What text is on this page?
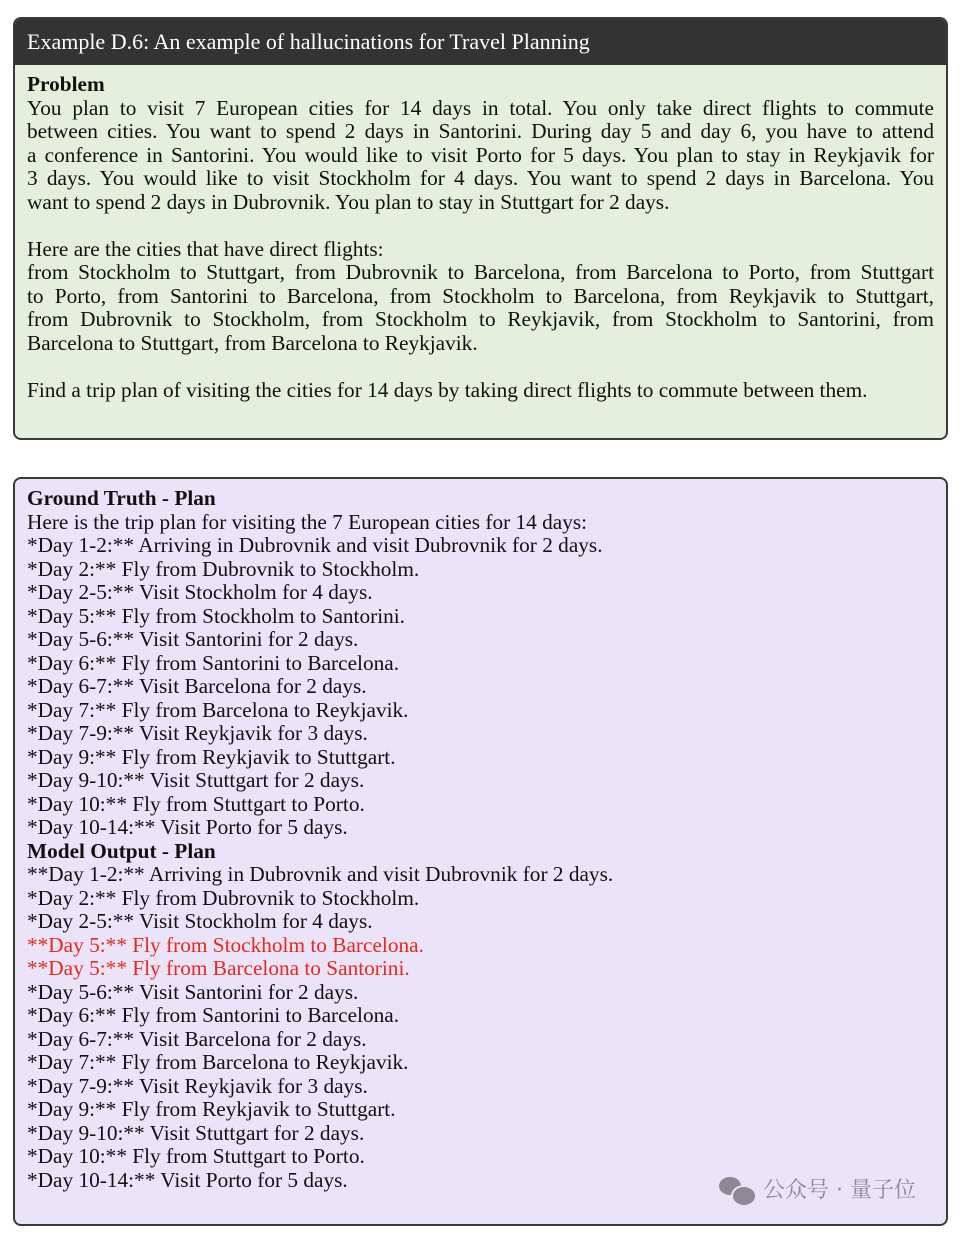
Example D.6: An example of hallucinations for Travel Planning
Problem
You plan to visit 7 European cities for 14 days in total. You only take direct flights to commute
between cities. You want to spend 2 days in Santorini. During day 5 and day 6, you have to attend
a conference in Santorini. You would like to visit Porto for 5 days. You plan to stay in Reykjavik for
3 days. You would like to visit Stockholm for 4 days. You want to spend 2 days in Barcelona. You
want to spend 2 days in Dubrovnik. You plan to stay in Stuttgart for 2 days.
Here are the cities that have direct flights:
from Stockholm to Stuttgart, from Dubrovnik to Barcelona, from Barcelona to Porto, from Stuttgart
to Porto, from Santorini to Barcelona, from Stockholm to Barcelona, from Reykjavik to Stuttgart,
from Dubrovnik to Stockholm, from Stockholm to Reykjavik, from Stockholm to Santorini, from
Barcelona to Stuttgart, from Barcelona to Reykjavik.
Find a trip plan of visiting the cities for 14 days by taking direct flights to commute between them.
Ground Truth - Plan
Here is the trip plan for visiting the 7 European cities for 14 days:
*Day 1-2:** Arriving in Dubrovnik and visit Dubrovnik for 2 days.
*Day 2:** Fly from Dubrovnik to Stockholm.
*Day 2-5:** Visit Stockholm for 4 days.
*Day 5:** Fly from Stockholm to Santorini.
*Day 5-6:** Visit Santorini for 2 days.
*Day 6:** Fly from Santorini to Barcelona.
*Day 6-7:** Visit Barcelona for 2 days.
*Day 7:** Fly from Barcelona to Reykjavik.
*Day 7-9:** Visit Reykjavik for 3 days.
*Day 9:** Fly from Reykjavik to Stuttgart.
*Day 9-10:** Visit Stuttgart for 2 days.
*Day 10:** Fly from Stuttgart to Porto.
*Day 10-14:** Visit Porto for 5 days.
Model Output - Plan
**Day 1-2:** Arriving in Dubrovnik and visit Dubrovnik for 2 days.
*Day 2:** Fly from Dubrovnik to Stockholm.
*Day 2-5:** Visit Stockholm for 4 days.
**Day 5:** Fly from Stockholm to Barcelona.
**Day 5:** Fly from Barcelona to Santorini.
*Day 5-6:** Visit Santorini for 2 days.
*Day 6:** Fly from Santorini to Barcelona.
*Day 6-7:** Visit Barcelona for 2 days.
*Day 7:** Fly from Barcelona to Reykjavik.
*Day 7-9:** Visit Reykjavik for 3 days.
*Day 9:** Fly from Reykjavik to Stuttgart.
*Day 9-10:** Visit Stuttgart for 2 days.
*Day 10:** Fly from Stuttgart to Porto.
*Day 10-14:** Visit Porto for 5 days.	公众号 · 量子位
